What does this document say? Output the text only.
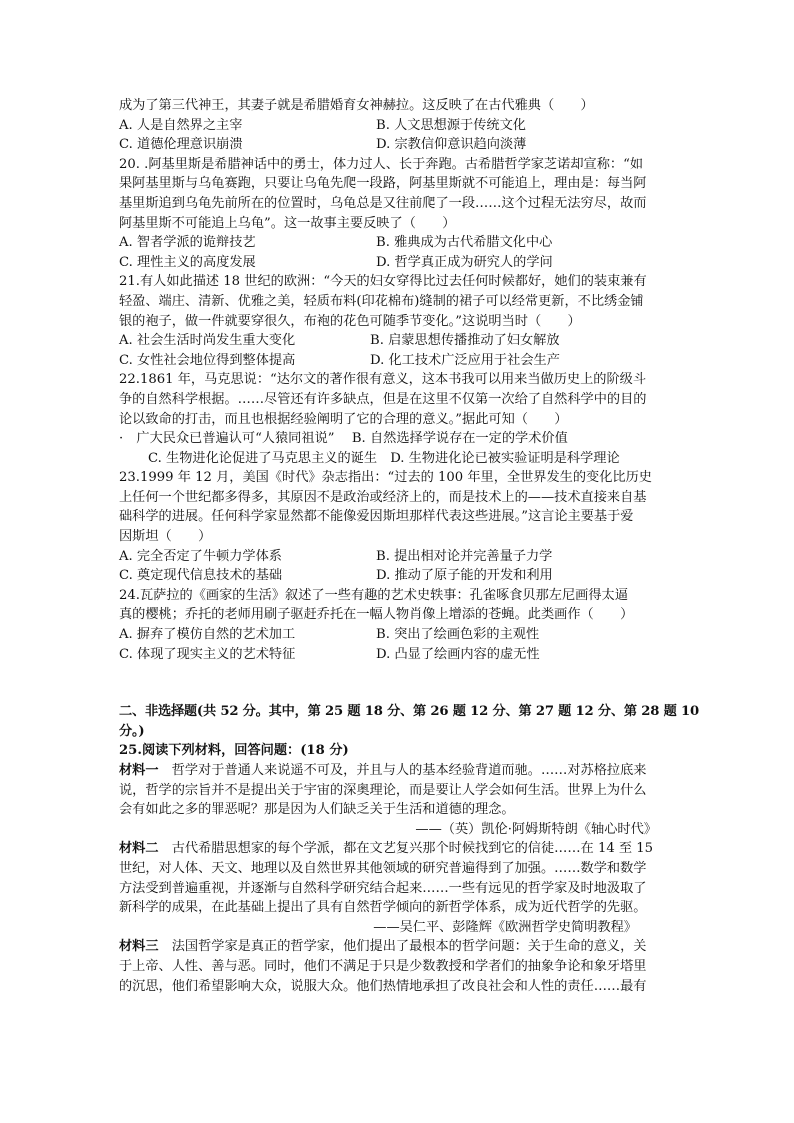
成为了第三代神王，其妻子就是希腊婚育女神赫拉。这反映了在古代雅典（　　）
A. 人是自然界之主宰	B. 人文思想源于传统文化
C. 道德伦理意识崩溃	D. 宗教信仰意识趋向淡薄
20. .阿基里斯是希腊神话中的勇士，体力过人、长于奔跑。古希腊哲学家芝诺却宣称：“如
果阿基里斯与乌龟赛跑，只要让乌龟先爬一段路，阿基里斯就不可能追上，理由是：每当阿
基里斯追到乌龟先前所在的位置时，乌龟总是又往前爬了一段……这个过程无法穷尽，故而
阿基里斯不可能追上乌龟”。这一故事主要反映了（　　）
A. 智者学派的诡辩技艺	B. 雅典成为古代希腊文化中心
C. 理性主义的高度发展	D. 哲学真正成为研究人的学问
21.有人如此描述 18 世纪的欧洲：“今天的妇女穿得比过去任何时候都好，她们的装束兼有
轻盈、端庄、清新、优雅之美，轻质布料(印花棉布)缝制的裙子可以经常更新，不比绣金铺
银的袍子，做一件就要穿很久，布袍的花色可随季节变化。”这说明当时（　　）
A. 社会生活时尚发生重大变化	B. 启蒙思想传播推动了妇女解放
C. 女性社会地位得到整体提高	D. 化工技术广泛应用于社会生产
22.1861 年，马克思说：“达尔文的著作很有意义，这本书我可以用来当做历史上的阶级斗
争的自然科学根据。……尽管还有许多缺点，但是在这里不仅第一次给了自然科学中的目的
论以致命的打击，而且也根据经验阐明了它的合理的意义。”据此可知（　　）
·　广大民众已普遍认可“人猿同祖说”　 B. 自然选择学说存在一定的学术价值
C. 生物进化论促进了马克思主义的诞生　D. 生物进化论已被实验证明是科学理论
23.1999 年 12 月，美国《时代》杂志指出：“过去的 100 年里，全世界发生的变化比历史
上任何一个世纪都多得多，其原因不是政治或经济上的，而是技术上的——技术直接来自基
础科学的进展。任何科学家显然都不能像爱因斯坦那样代表这些进展。”这言论主要基于爱
因斯坦（　　）
A. 完全否定了牛顿力学体系	B. 提出相对论并完善量子力学
C. 奠定现代信息技术的基础	D. 推动了原子能的开发和利用
24.瓦萨拉的《画家的生活》叙述了一些有趣的艺术史轶事：孔雀啄食贝那左尼画得太逼
真的樱桃；乔托的老师用刷子驱赶乔托在一幅人物肖像上增添的苍蝇。此类画作（　　）
A. 摒弃了模仿自然的艺术加工	B. 突出了绘画色彩的主观性
C. 体现了现实主义的艺术特征	D. 凸显了绘画内容的虚无性
二、非选择题(共 52 分。其中，第 25 题 18 分、第 26 题 12 分、第 27 题 12 分、第 28 题 10
分。)
25.阅读下列材料，回答问题：(18 分)
材料一　哲学对于普通人来说遥不可及，并且与人的基本经验背道而驰。……对苏格拉底来
说，哲学的宗旨并不是提出关于宇宙的深奥理论，而是要让人学会如何生活。世界上为什么
会有如此之多的罪恶呢？那是因为人们缺乏关于生活和道德的理念。
——（英）凯伦·阿姆斯特朗《轴心时代》
材料二　古代希腊思想家的每个学派，都在文艺复兴那个时候找到它的信徒……在 14 至 15
世纪，对人体、天文、地理以及自然世界其他领域的研究普遍得到了加强。……数学和数学
方法受到普遍重视，并逐渐与自然科学研究结合起来……一些有远见的哲学家及时地汲取了
新科学的成果，在此基础上提出了具有自然哲学倾向的新哲学体系，成为近代哲学的先驱。
——吴仁平、彭隆辉《欧洲哲学史简明教程》
材料三　法国哲学家是真正的哲学家，他们提出了最根本的哲学问题：关于生命的意义，关
于上帝、人性、善与恶。同时，他们不满足于只是少数教授和学者们的抽象争论和象牙塔里
的沉思，他们希望影响大众，说服大众。他们热情地承担了改良社会和人性的责任……最有
